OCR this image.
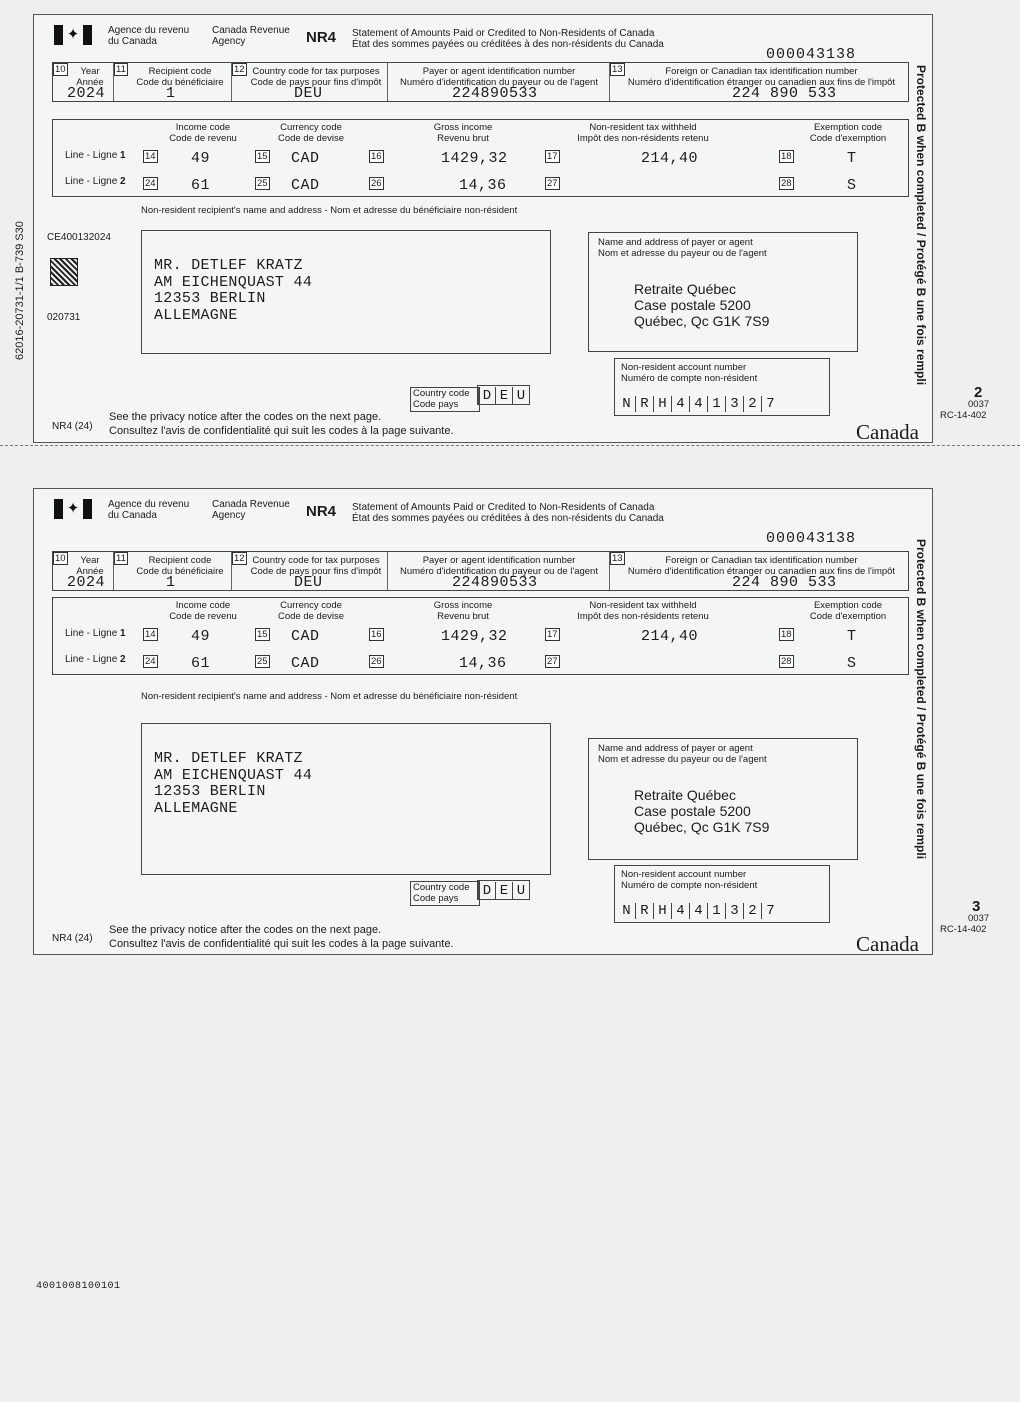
62016-20731-1/1 B-739 S30
✦	Agence du revenu
du Canada
Canada Revenue
Agency	NR4 Statement of Amounts Paid or Credited to Non-Residents of Canada
État des sommes payées ou créditées à des non-résidents du Canada
000043138
10	Year
Année
2024
11	Recipient code
Code du bénéficiaire
1
12 Country code for tax purposes
Code de pays pour fins d'impôt
DEU
Payer or agent identification number
Numéro d'identification du payeur ou de l'agent
224890533
13	Foreign or Canadian tax identification number
Numéro d'identification étranger ou canadien aux fins de l'impôt
224 890 533
Income code
Code de revenu
Currency code
Code de devise
Gross income
Revenu brut
Non-resident tax withheld
Impôt des non-résidents retenu
Exemption code
Code d'exemption
Line - Ligne 1 14 49	15 CAD	16	1429,32	17	214,40	18	T
Line - Ligne 2 24 61	25 CAD	26	14,36	27	28	S
Non-resident recipient's name and address - Nom et adresse du bénéficiaire non-résident
MR. DETLEF KRATZ
AM EICHENQUAST 44
12353 BERLIN
ALLEMAGNE
Name and address of payer or agent
Nom et adresse du payeur ou de l'agent
Retraite Québec
Case postale 5200
Québec, Qc G1K 7S9
Country code
Code pays	D E U
Non-resident account number
Numéro de compte non-résident
N R H 4 4 1 3 2 7
NR4 (24)
See the privacy notice after the codes on the next page.
Consultez l'avis de confidentialité qui suit les codes à la page suivante.	Canada
Protected B when completed / Protégé B une fois rempli
CE400132024
020731
2
0037
RC-14-402
✦	Agence du revenu
du Canada
Canada Revenue
Agency	NR4 Statement of Amounts Paid or Credited to Non-Residents of Canada
État des sommes payées ou créditées à des non-résidents du Canada
000043138
10	Year
Année
2024
11	Recipient code
Code du bénéficiaire
1
12 Country code for tax purposes
Code de pays pour fins d'impôt
DEU
Payer or agent identification number
Numéro d'identification du payeur ou de l'agent
224890533
13	Foreign or Canadian tax identification number
Numéro d'identification étranger ou canadien aux fins de l'impôt
224 890 533
Income code
Code de revenu
Currency code
Code de devise
Gross income
Revenu brut
Non-resident tax withheld
Impôt des non-résidents retenu
Exemption code
Code d'exemption
Line - Ligne 1 14 49	15 CAD	16	1429,32	17	214,40	18	T
Line - Ligne 2 24 61	25 CAD	26	14,36	27	28	S
Non-resident recipient's name and address - Nom et adresse du bénéficiaire non-résident
MR. DETLEF KRATZ
AM EICHENQUAST 44
12353 BERLIN
ALLEMAGNE
Name and address of payer or agent
Nom et adresse du payeur ou de l'agent
Retraite Québec
Case postale 5200
Québec, Qc G1K 7S9
Country code
Code pays	D E U
Non-resident account number
Numéro de compte non-résident
N R H 4 4 1 3 2 7
NR4 (24)
See the privacy notice after the codes on the next page.
Consultez l'avis de confidentialité qui suit les codes à la page suivante.	Canada
Protected B when completed / Protégé B une fois rempli
3
0037
RC-14-402
4001008100101
